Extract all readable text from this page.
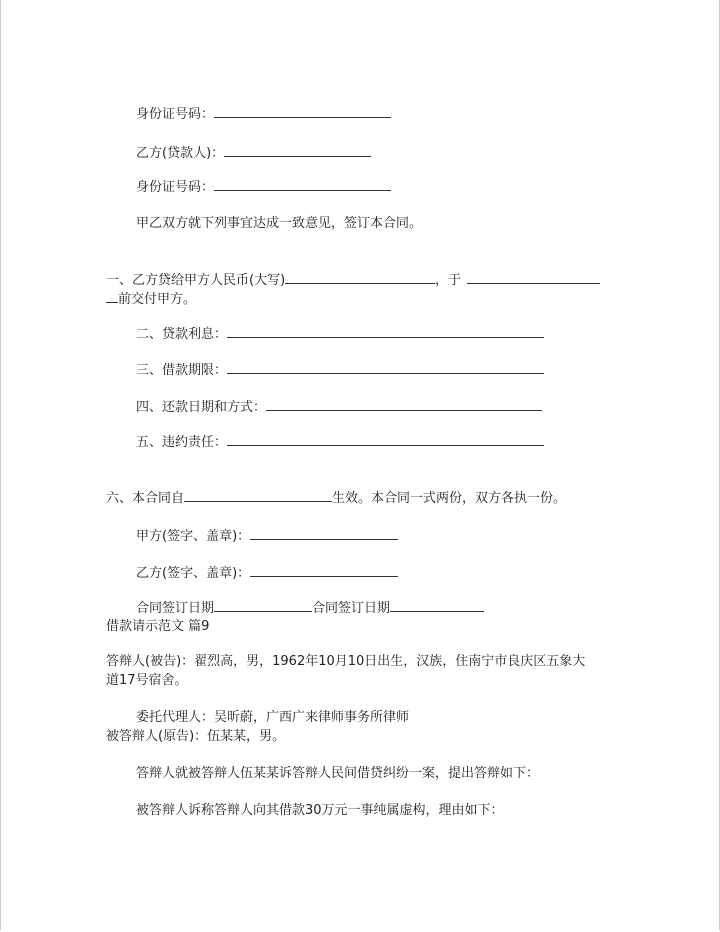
身份证号码：
乙方(贷款人)：
身份证号码：
甲乙双方就下列事宜达成一致意见，签订本合同。
一、乙方贷给甲方人民币(大写)	，于
前交付甲方。
二、贷款利息：
三、借款期限：
四、还款日期和方式：
五、违约责任：
六、本合同自	生效。本合同一式两份，双方各执一份。
甲方(签字、盖章)：
乙方(签字、盖章)：
合同签订日期	合同签订日期
借款请示范文 篇9
答辩人(被告)：翟烈高，男，1962年10月10日出生，汉族，住南宁市良庆区五象大
道17号宿舍。
委托代理人：吴昕蔚，广西广来律师事务所律师
被答辩人(原告)：伍某某，男。
答辩人就被答辩人伍某某诉答辩人民间借贷纠纷一案，提出答辩如下：
被答辩人诉称答辩人向其借款30万元一事纯属虚构，理由如下：
